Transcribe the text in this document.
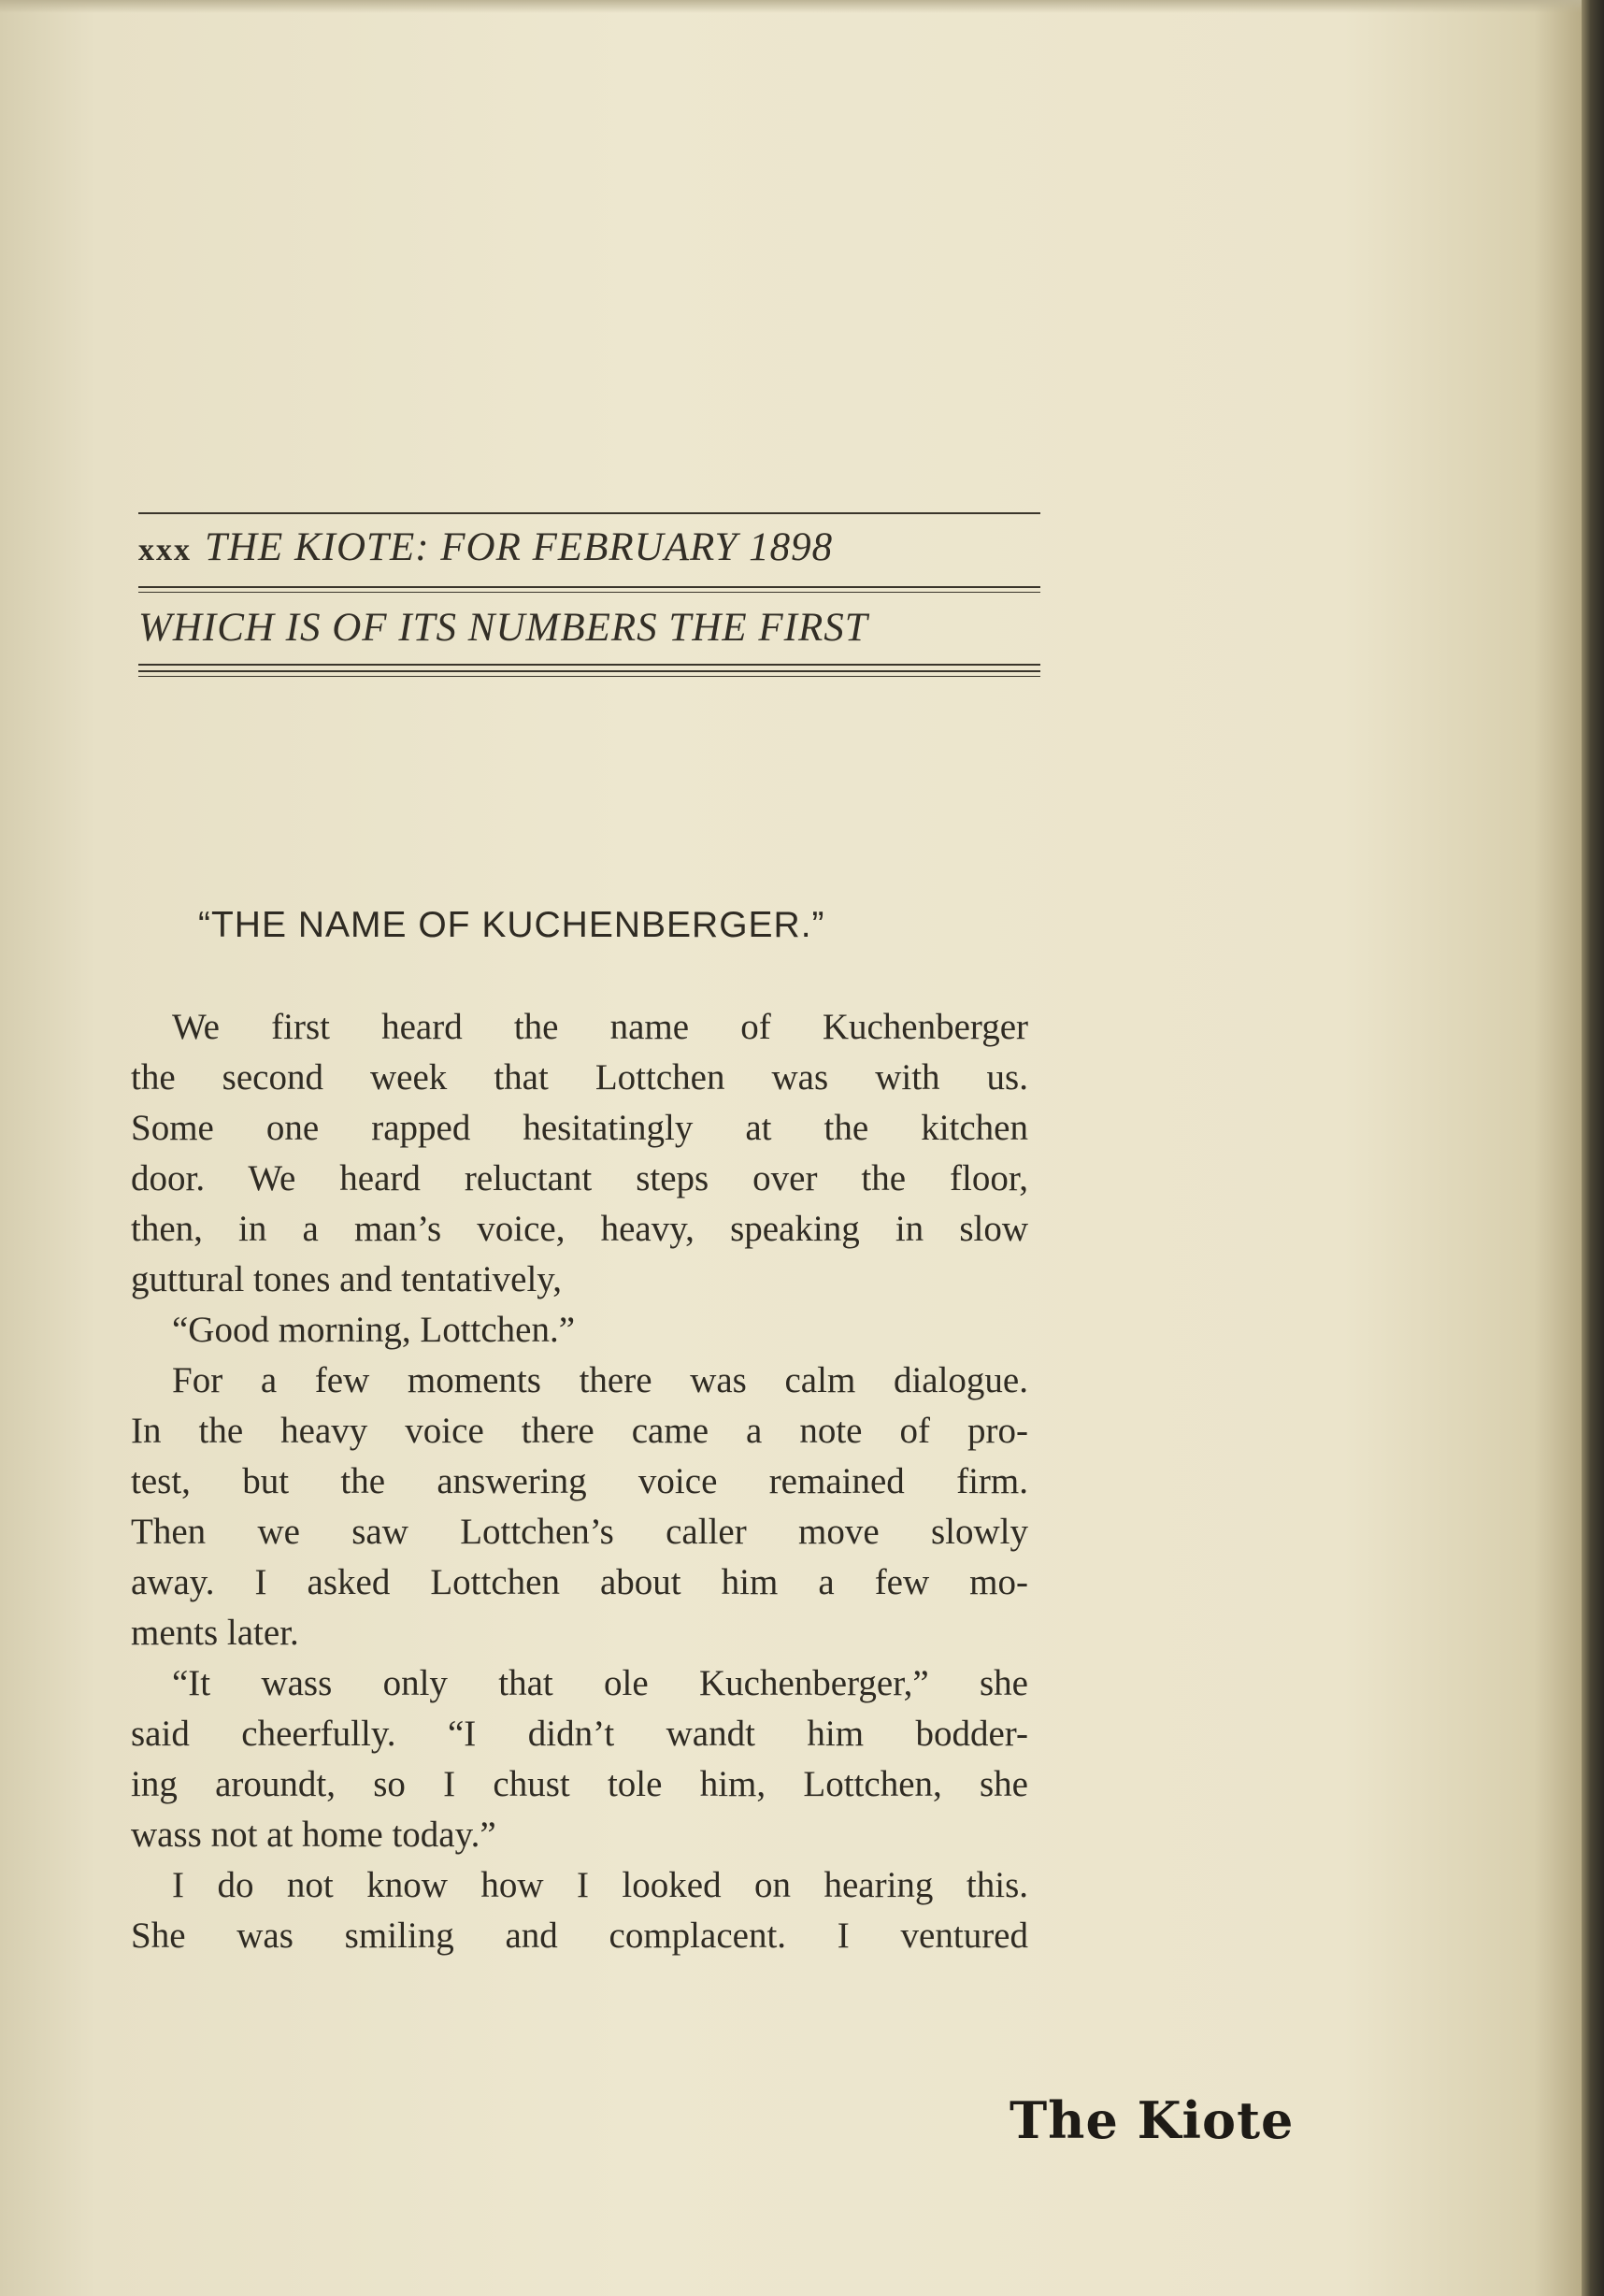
xxx THE KIOTE: FOR FEBRUARY 1898
WHICH IS OF ITS NUMBERS THE FIRST
“THE NAME OF KUCHENBERGER.”
We first heard the name of Kuchenberger
the second week that Lottchen was with us.
Some one rapped hesitatingly at the kitchen
door. We heard reluctant steps over the floor,
then, in a man’s voice, heavy, speaking in slow
guttural tones and tentatively,
“Good morning, Lottchen.”
For a few moments there was calm dialogue.
In the heavy voice there came a note of pro-
test, but the answering voice remained firm.
Then we saw Lottchen’s caller move slowly
away. I asked Lottchen about him a few mo-
ments later.
“It wass only that ole Kuchenberger,” she
said cheerfully. “I didn’t wandt him bodder-
ing aroundt, so I chust tole him, Lottchen, she
wass not at home today.”
I do not know how I looked on hearing this.
She was smiling and complacent. I ventured
The Kiote
